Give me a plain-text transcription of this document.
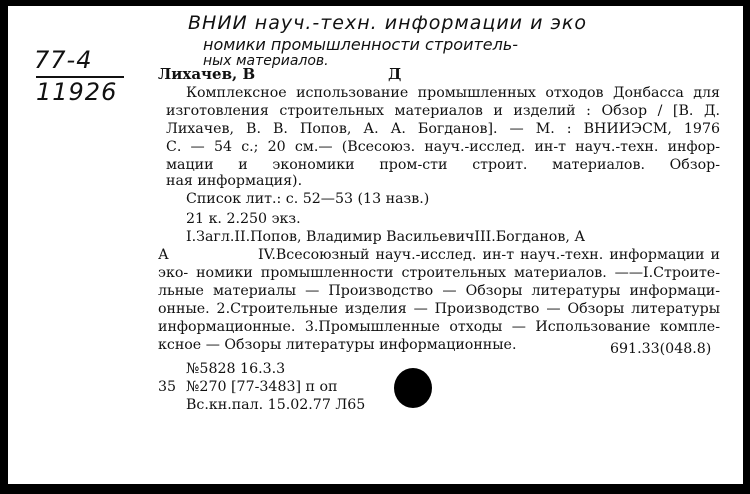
ВНИИ науч.-техн. информации и эко
номики промышленности строитель-
ных материалов.
77-4
11926
Лихачев, В	Д
Комплексное использование промышленных отходов Донбасса для
изготовления строительных материалов и изделий : Обзор / [В. Д.
Лихачев, В. В. Попов, А. А. Богданов]. — М. : ВНИИЭСМ, 1976
С. — 54 с.; 20 см.— (Всесоюз. науч.-исслед. ин-т науч.-техн. инфор-
мации и экономики пром-сти строит. материалов. Обзор-
ная информация).
Список лит.: с. 52—53 (13 назв.)
21 к. 2.250 экз.
I.Загл.II.Попов, Владимир ВасильевичIII.Богданов, А
А	IV.Всесоюзный науч.-исслед. ин-т науч.-техн. информации и
эко- номики промышленности строительных материалов. ——I.Строите-
льные материалы — Производство — Обзоры литературы информаци-
онные. 2.Строительные изделия — Производство — Обзоры литературы
информационные. 3.Промышленные отходы — Использование комплe-
ксное — Обзоры литературы информационные.	691.33(048.8)
№5828 16.3.3
35 №270 [77-3483] п оп
Вс.кн.пал. 15.02.77 Л65
